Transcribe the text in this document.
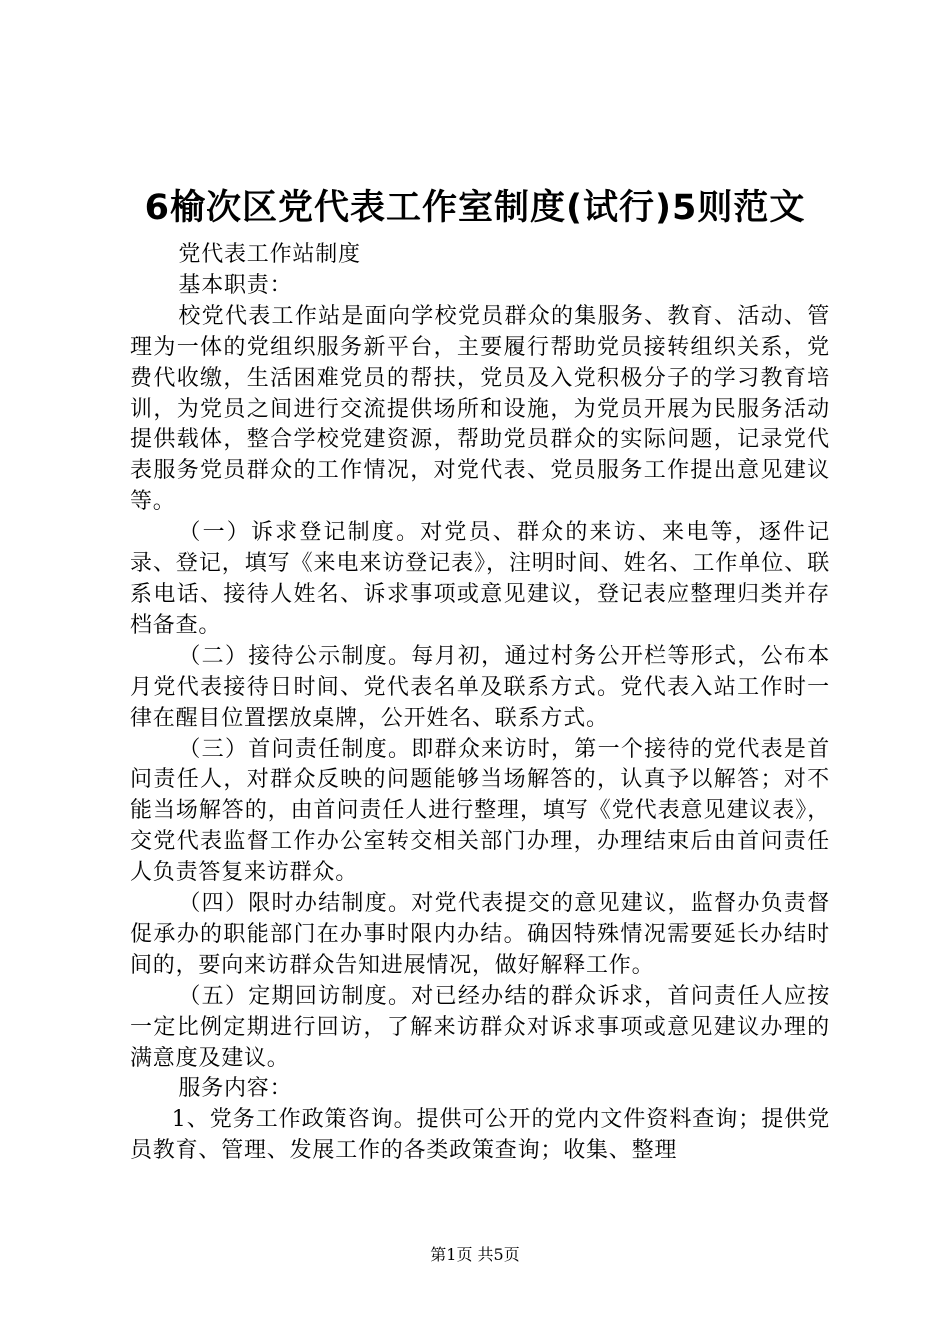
6榆次区党代表工作室制度(试行)5则范文

党代表工作站制度

基本职责：

校党代表工作站是面向学校党员群众的集服务、教育、活动、管理为一体的党组织服务新平台，主要履行帮助党员接转组织关系，党费代收缴，生活困难党员的帮扶，党员及入党积极分子的学习教育培训，为党员之间进行交流提供场所和设施，为党员开展为民服务活动提供载体，整合学校党建资源，帮助党员群众的实际问题，记录党代表服务党员群众的工作情况，对党代表、党员服务工作提出意见建议等。

（一）诉求登记制度。对党员、群众的来访、来电等，逐件记录、登记，填写《来电来访登记表》，注明时间、姓名、工作单位、联系电话、接待人姓名、诉求事项或意见建议，登记表应整理归类并存档备查。

（二）接待公示制度。每月初，通过村务公开栏等形式，公布本月党代表接待日时间、党代表名单及联系方式。党代表入站工作时一律在醒目位置摆放桌牌，公开姓名、联系方式。

（三）首问责任制度。即群众来访时，第一个接待的党代表是首问责任人，对群众反映的问题能够当场解答的，认真予以解答；对不能当场解答的，由首问责任人进行整理，填写《党代表意见建议表》，交党代表监督工作办公室转交相关部门办理，办理结束后由首问责任人负责答复来访群众。

（四）限时办结制度。对党代表提交的意见建议，监督办负责督促承办的职能部门在办事时限内办结。确因特殊情况需要延长办结时间的，要向来访群众告知进展情况，做好解释工作。

（五）定期回访制度。对已经办结的群众诉求，首问责任人应按一定比例定期进行回访，了解来访群众对诉求事项或意见建议办理的满意度及建议。

服务内容：

1、党务工作政策咨询。提供可公开的党内文件资料查询；提供党员教育、管理、发展工作的各类政策查询；收集、整理

第1页 共5页
